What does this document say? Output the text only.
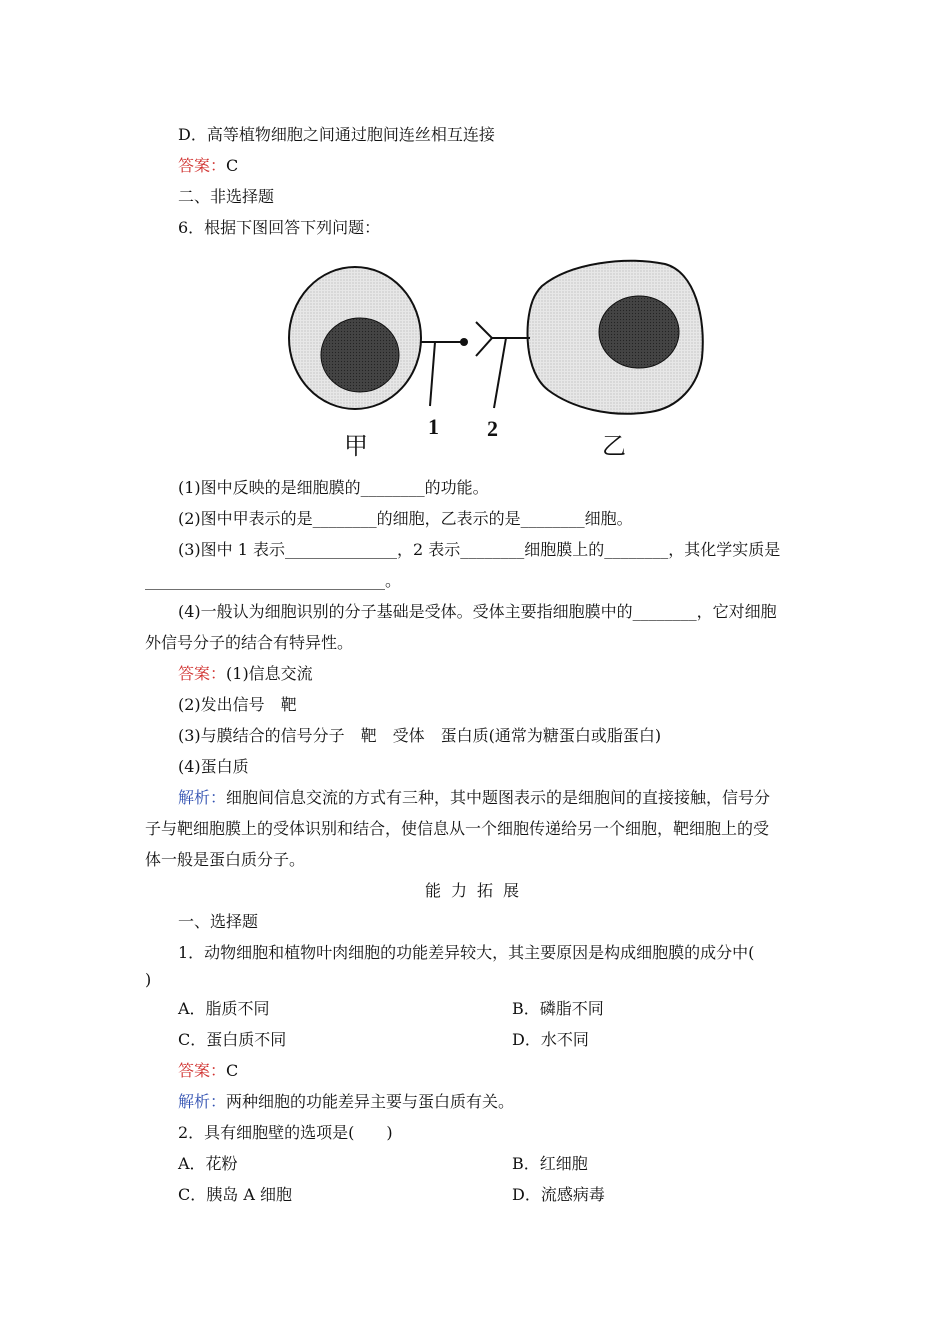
D．高等植物细胞之间通过胞间连丝相互连接
答案：C
二、非选择题
6．根据下图回答下列问题：
1 2
甲	乙
(1)图中反映的是细胞膜的________的功能。
(2)图中甲表示的是________的细胞，乙表示的是________细胞。
(3)图中 1 表示______________，2 表示________细胞膜上的________，其化学实质是
______________________________。
(4)一般认为细胞识别的分子基础是受体。受体主要指细胞膜中的________，它对细胞
外信号分子的结合有特异性。
答案：(1)信息交流
(2)发出信号　靶
(3)与膜结合的信号分子　靶　受体　蛋白质(通常为糖蛋白或脂蛋白)
(4)蛋白质
解析：细胞间信息交流的方式有三种，其中题图表示的是细胞间的直接接触，信号分
子与靶细胞膜上的受体识别和结合，使信息从一个细胞传递给另一个细胞，靶细胞上的受
体一般是蛋白质分子。
能力拓展
一、选择题
1．动物细胞和植物叶肉细胞的功能差异较大，其主要原因是构成细胞膜的成分中(
)
A．脂质不同	B．磷脂不同
C．蛋白质不同	D．水不同
答案：C
解析：两种细胞的功能差异主要与蛋白质有关。
2．具有细胞壁的选项是(　　)
A．花粉	B．红细胞
C．胰岛 A 细胞	D．流感病毒
